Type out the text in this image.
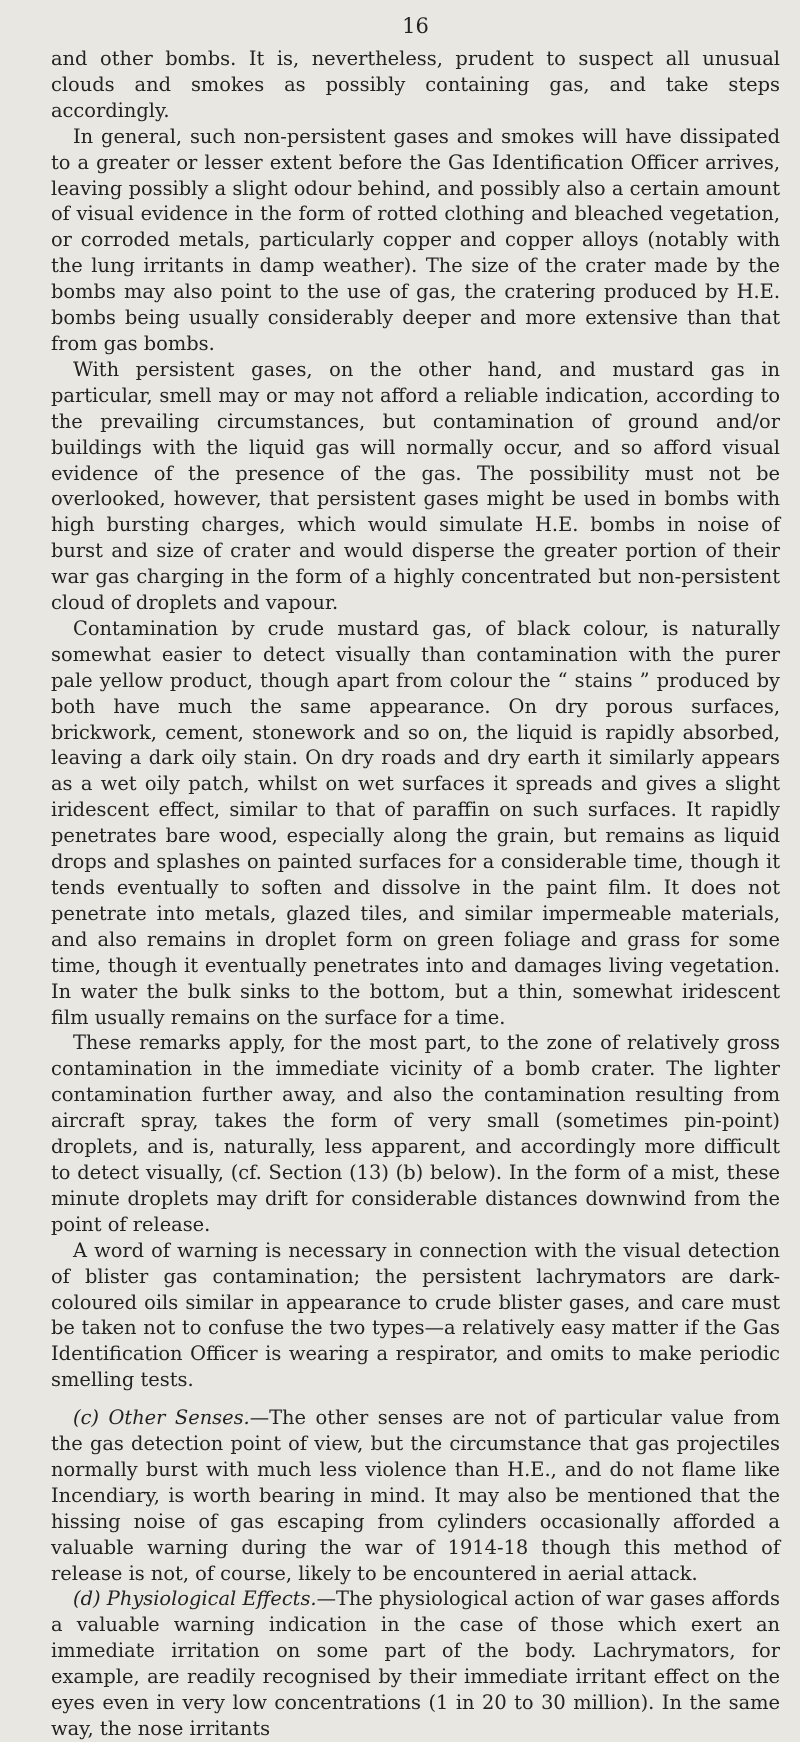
16

and other bombs. It is, nevertheless, prudent to suspect all unusual clouds and smokes as possibly containing gas, and take steps accordingly.

In general, such non-persistent gases and smokes will have dissipated to a greater or lesser extent before the Gas Identification Officer arrives, leaving possibly a slight odour behind, and possibly also a certain amount of visual evidence in the form of rotted clothing and bleached vegetation, or corroded metals, particularly copper and copper alloys (notably with the lung irritants in damp weather). The size of the crater made by the bombs may also point to the use of gas, the cratering produced by H.E. bombs being usually considerably deeper and more extensive than that from gas bombs.

With persistent gases, on the other hand, and mustard gas in particular, smell may or may not afford a reliable indication, according to the prevailing circumstances, but contamination of ground and/or buildings with the liquid gas will normally occur, and so afford visual evidence of the presence of the gas. The possibility must not be overlooked, however, that persistent gases might be used in bombs with high bursting charges, which would simulate H.E. bombs in noise of burst and size of crater and would disperse the greater portion of their war gas charging in the form of a highly concentrated but non-persistent cloud of droplets and vapour.

Contamination by crude mustard gas, of black colour, is naturally somewhat easier to detect visually than contamination with the purer pale yellow product, though apart from colour the “ stains ” produced by both have much the same appearance. On dry porous surfaces, brickwork, cement, stonework and so on, the liquid is rapidly absorbed, leaving a dark oily stain. On dry roads and dry earth it similarly appears as a wet oily patch, whilst on wet surfaces it spreads and gives a slight iridescent effect, similar to that of paraffin on such surfaces. It rapidly penetrates bare wood, especially along the grain, but remains as liquid drops and splashes on painted surfaces for a considerable time, though it tends eventually to soften and dissolve in the paint film. It does not penetrate into metals, glazed tiles, and similar impermeable materials, and also remains in droplet form on green foliage and grass for some time, though it eventually penetrates into and damages living vegetation. In water the bulk sinks to the bottom, but a thin, somewhat iridescent film usually remains on the surface for a time.

These remarks apply, for the most part, to the zone of relatively gross contamination in the immediate vicinity of a bomb crater. The lighter contamination further away, and also the contamination resulting from aircraft spray, takes the form of very small (sometimes pin-point) droplets, and is, naturally, less apparent, and accordingly more difficult to detect visually, (cf. Section (13) (b) below). In the form of a mist, these minute droplets may drift for considerable distances downwind from the point of release.

A word of warning is necessary in connection with the visual detection of blister gas contamination; the persistent lachrymators are dark-coloured oils similar in appearance to crude blister gases, and care must be taken not to confuse the two types—a relatively easy matter if the Gas Identification Officer is wearing a respirator, and omits to make periodic smelling tests.

(c) Other Senses.—The other senses are not of particular value from the gas detection point of view, but the circumstance that gas projectiles normally burst with much less violence than H.E., and do not flame like Incendiary, is worth bearing in mind. It may also be mentioned that the hissing noise of gas escaping from cylinders occasionally afforded a valuable warning during the war of 1914-18 though this method of release is not, of course, likely to be encountered in aerial attack.

(d) Physiological Effects.—The physiological action of war gases affords a valuable warning indication in the case of those which exert an immediate irritation on some part of the body. Lachrymators, for example, are readily recognised by their immediate irritant effect on the eyes even in very low concentrations (1 in 20 to 30 million). In the same way, the nose irritants
